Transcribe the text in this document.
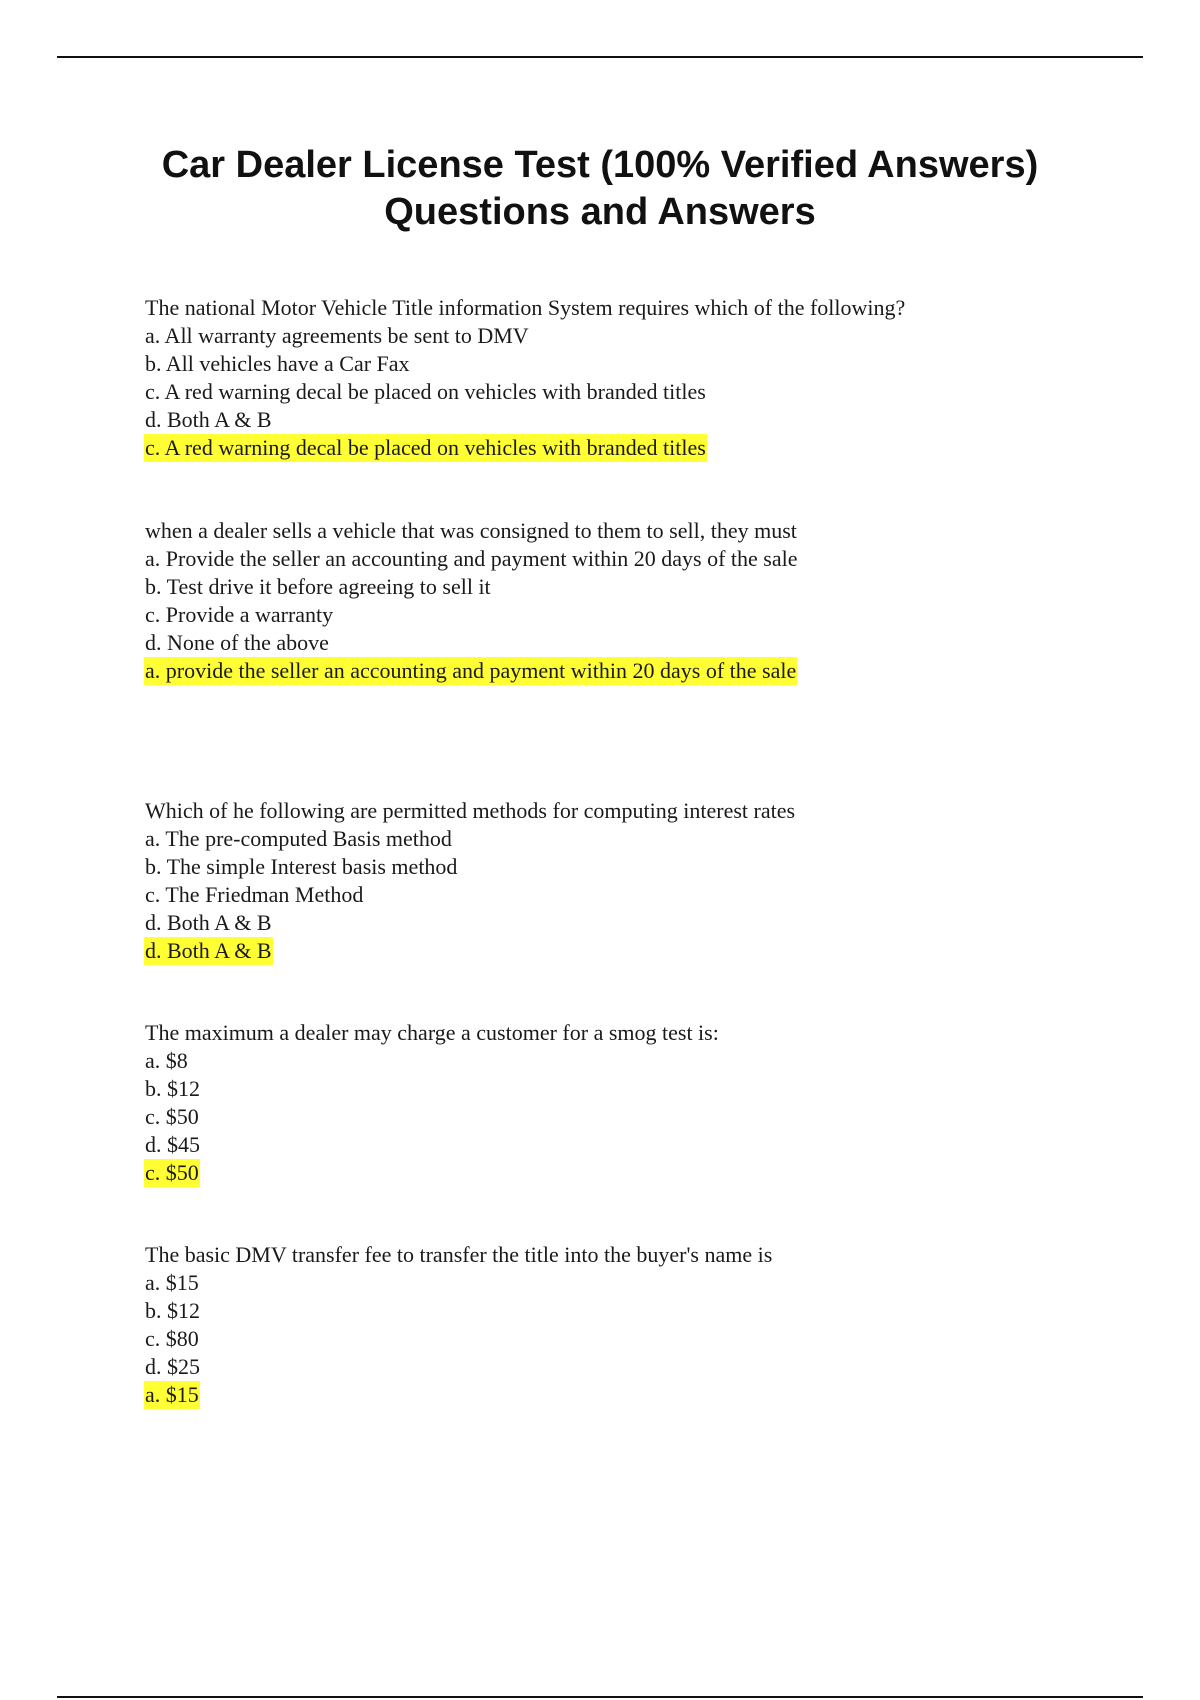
Car Dealer License Test (100% Verified Answers)
Questions and Answers
The national Motor Vehicle Title information System requires which of the following?
a. All warranty agreements be sent to DMV
b. All vehicles have a Car Fax
c. A red warning decal be placed on vehicles with branded titles
d. Both A & B
c. A red warning decal be placed on vehicles with branded titles
when a dealer sells a vehicle that was consigned to them to sell, they must
a. Provide the seller an accounting and payment within 20 days of the sale
b. Test drive it before agreeing to sell it
c. Provide a warranty
d. None of the above
a. provide the seller an accounting and payment within 20 days of the sale
Which of he following are permitted methods for computing interest rates
a. The pre-computed Basis method
b. The simple Interest basis method
c. The Friedman Method
d. Both A & B
d. Both A & B
The maximum a dealer may charge a customer for a smog test is:
a. $8
b. $12
c. $50
d. $45
c. $50
The basic DMV transfer fee to transfer the title into the buyer's name is
a. $15
b. $12
c. $80
d. $25
a. $15
